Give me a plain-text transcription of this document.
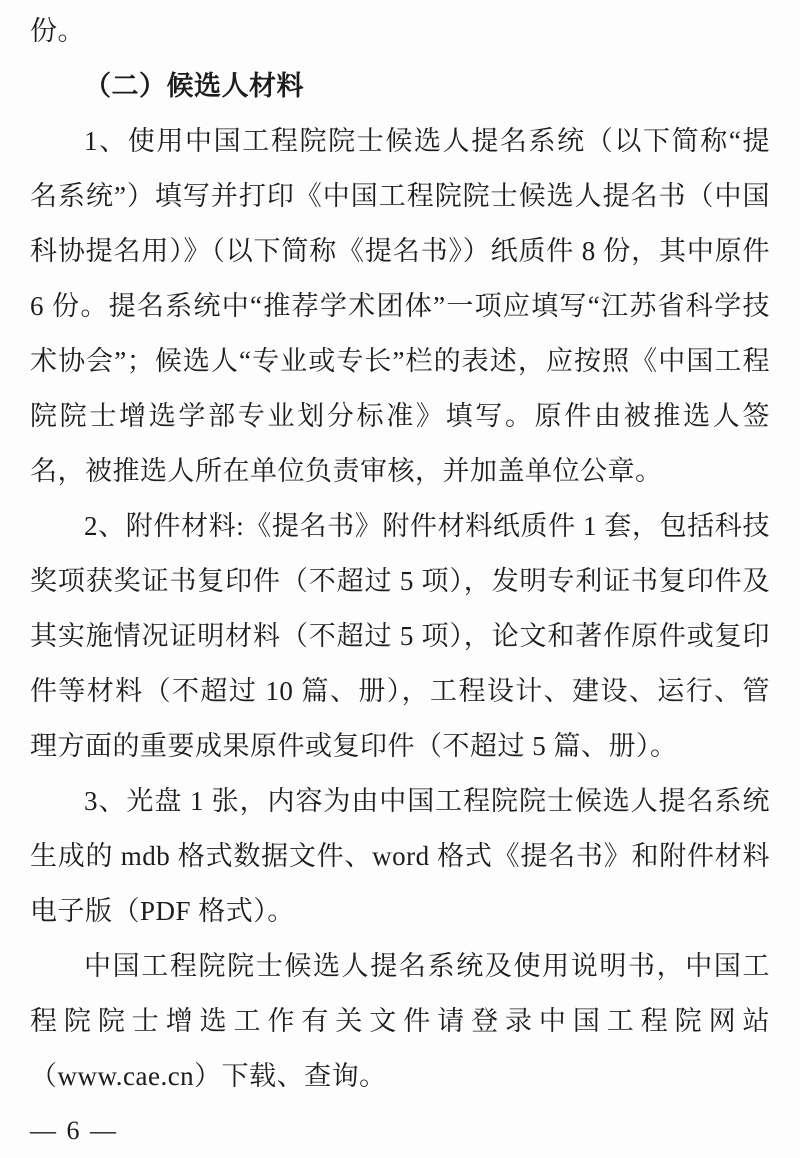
份。

（二）候选人材料

1、使用中国工程院院士候选人提名系统（以下简称“提名系统”）填写并打印《中国工程院院士候选人提名书（中国科协提名用）》（以下简称《提名书》）纸质件 8 份，其中原件 6 份。提名系统中“推荐学术团体”一项应填写“江苏省科学技术协会”；候选人“专业或专长”栏的表述，应按照《中国工程院院士增选学部专业划分标准》填写。原件由被推选人签名，被推选人所在单位负责审核，并加盖单位公章。

2、附件材料:《提名书》附件材料纸质件 1 套，包括科技奖项获奖证书复印件（不超过 5 项），发明专利证书复印件及其实施情况证明材料（不超过 5 项），论文和著作原件或复印件等材料（不超过 10 篇、册），工程设计、建设、运行、管理方面的重要成果原件或复印件（不超过 5 篇、册）。

3、光盘 1 张，内容为由中国工程院院士候选人提名系统生成的 mdb 格式数据文件、word 格式《提名书》和附件材料电子版（PDF 格式）。

中国工程院院士候选人提名系统及使用说明书，中国工程院院士增选工作有关文件请登录中国工程院网站（www.cae.cn）下载、查询。

— 6 —
